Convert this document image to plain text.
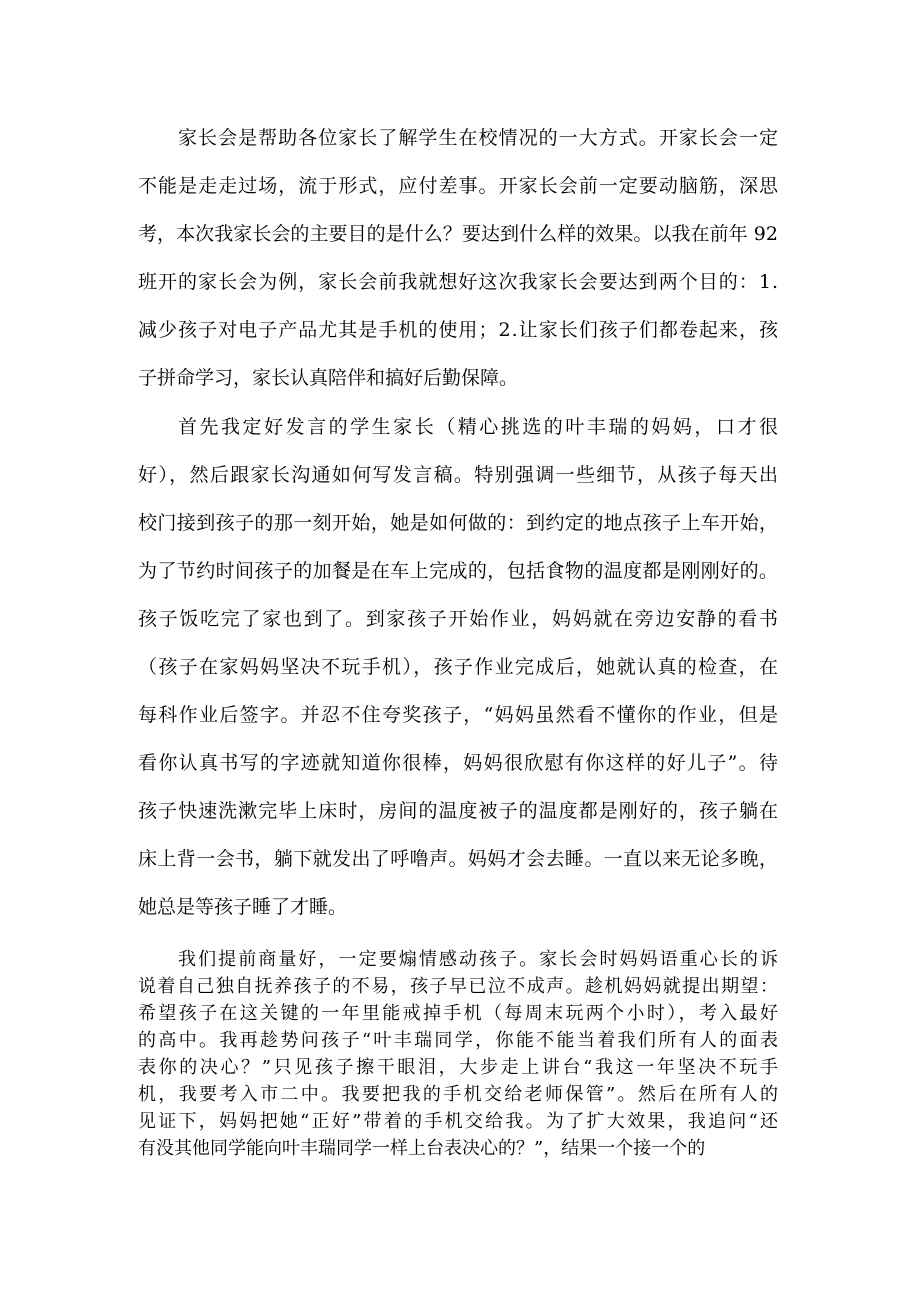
家长会是帮助各位家长了解学生在校情况的一大方式。开家长会一定
不能是走走过场，流于形式，应付差事。开家长会前一定要动脑筋，深思
考，本次我家长会的主要目的是什么？要达到什么样的效果。以我在前年 92
班开的家长会为例，家长会前我就想好这次我家长会要达到两个目的：1.
减少孩子对电子产品尤其是手机的使用；2.让家长们孩子们都卷起来，孩
子拼命学习，家长认真陪伴和搞好后勤保障。
首先我定好发言的学生家长（精心挑选的叶丰瑞的妈妈，口才很
好），然后跟家长沟通如何写发言稿。特别强调一些细节，从孩子每天出
校门接到孩子的那一刻开始，她是如何做的：到约定的地点孩子上车开始，
为了节约时间孩子的加餐是在车上完成的，包括食物的温度都是刚刚好的。
孩子饭吃完了家也到了。到家孩子开始作业，妈妈就在旁边安静的看书
（孩子在家妈妈坚决不玩手机），孩子作业完成后，她就认真的检查，在
每科作业后签字。并忍不住夸奖孩子，“妈妈虽然看不懂你的作业，但是
看你认真书写的字迹就知道你很棒，妈妈很欣慰有你这样的好儿子”。待
孩子快速洗漱完毕上床时，房间的温度被子的温度都是刚好的，孩子躺在
床上背一会书，躺下就发出了呼噜声。妈妈才会去睡。一直以来无论多晚，
她总是等孩子睡了才睡。
我们提前商量好，一定要煽情感动孩子。家长会时妈妈语重心长的诉
说着自己独自抚养孩子的不易，孩子早已泣不成声。趁机妈妈就提出期望：
希望孩子在这关键的一年里能戒掉手机（每周末玩两个小时），考入最好
的高中。我再趁势问孩子“叶丰瑞同学，你能不能当着我们所有人的面表
表你的决心？”只见孩子擦干眼泪，大步走上讲台“我这一年坚决不玩手
机，我要考入市二中。我要把我的手机交给老师保管”。然后在所有人的
见证下，妈妈把她“正好”带着的手机交给我。为了扩大效果，我追问“还
有没其他同学能向叶丰瑞同学一样上台表决心的？”，结果一个接一个的
